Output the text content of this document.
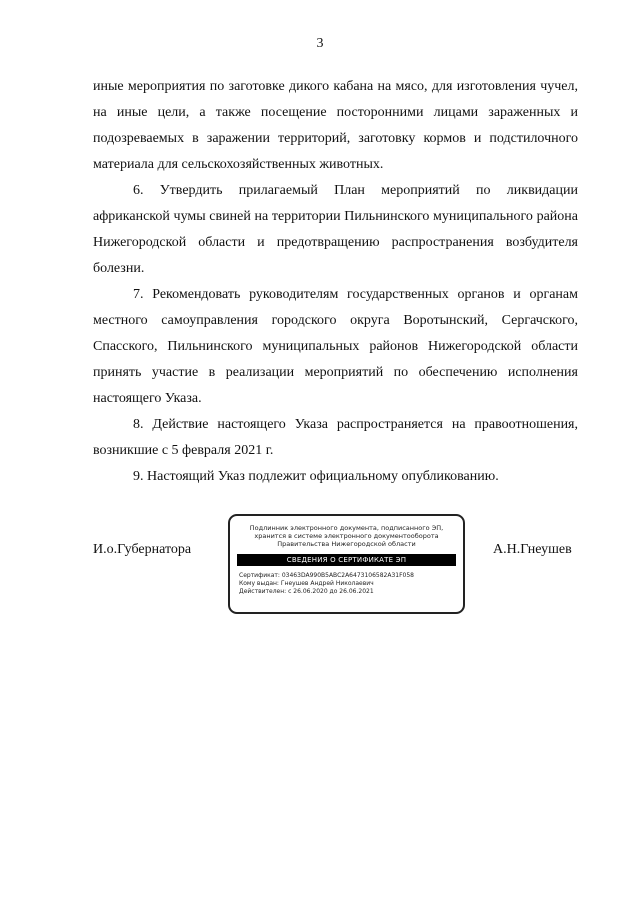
3

иные мероприятия по заготовке дикого кабана на мясо, для изготовления чучел, на иные цели, а также посещение посторонними лицами зараженных и подозреваемых в заражении территорий, заготовку кормов и подстилочного материала для сельскохозяйственных животных.

6. Утвердить прилагаемый План мероприятий по ликвидации африканской чумы свиней на территории Пильнинского муниципального района Нижегородской области и предотвращению распространения возбудителя болезни.

7. Рекомендовать руководителям государственных органов и органам местного самоуправления городского округа Воротынский, Сергачского, Спасского, Пильнинского муниципальных районов Нижегородской области принять участие в реализации мероприятий по обеспечению исполнения настоящего Указа.

8. Действие настоящего Указа распространяется на правоотношения, возникшие с 5 февраля 2021 г.

9. Настоящий Указ подлежит официальному опубликованию.

И.о.Губернатора
Подлинник электронного документа, подписанного ЭП,
хранится в системе электронного документооборота
Правительства Нижегородской области
СВЕДЕНИЯ О СЕРТИФИКАТЕ ЭП
Сертификат: 03463DA990B5ABC2A6473106582A31F058
Кому выдан: Гнеушев Андрей Николаевич
Действителен: с 26.06.2020 до 26.06.2021
А.Н.Гнеушев
